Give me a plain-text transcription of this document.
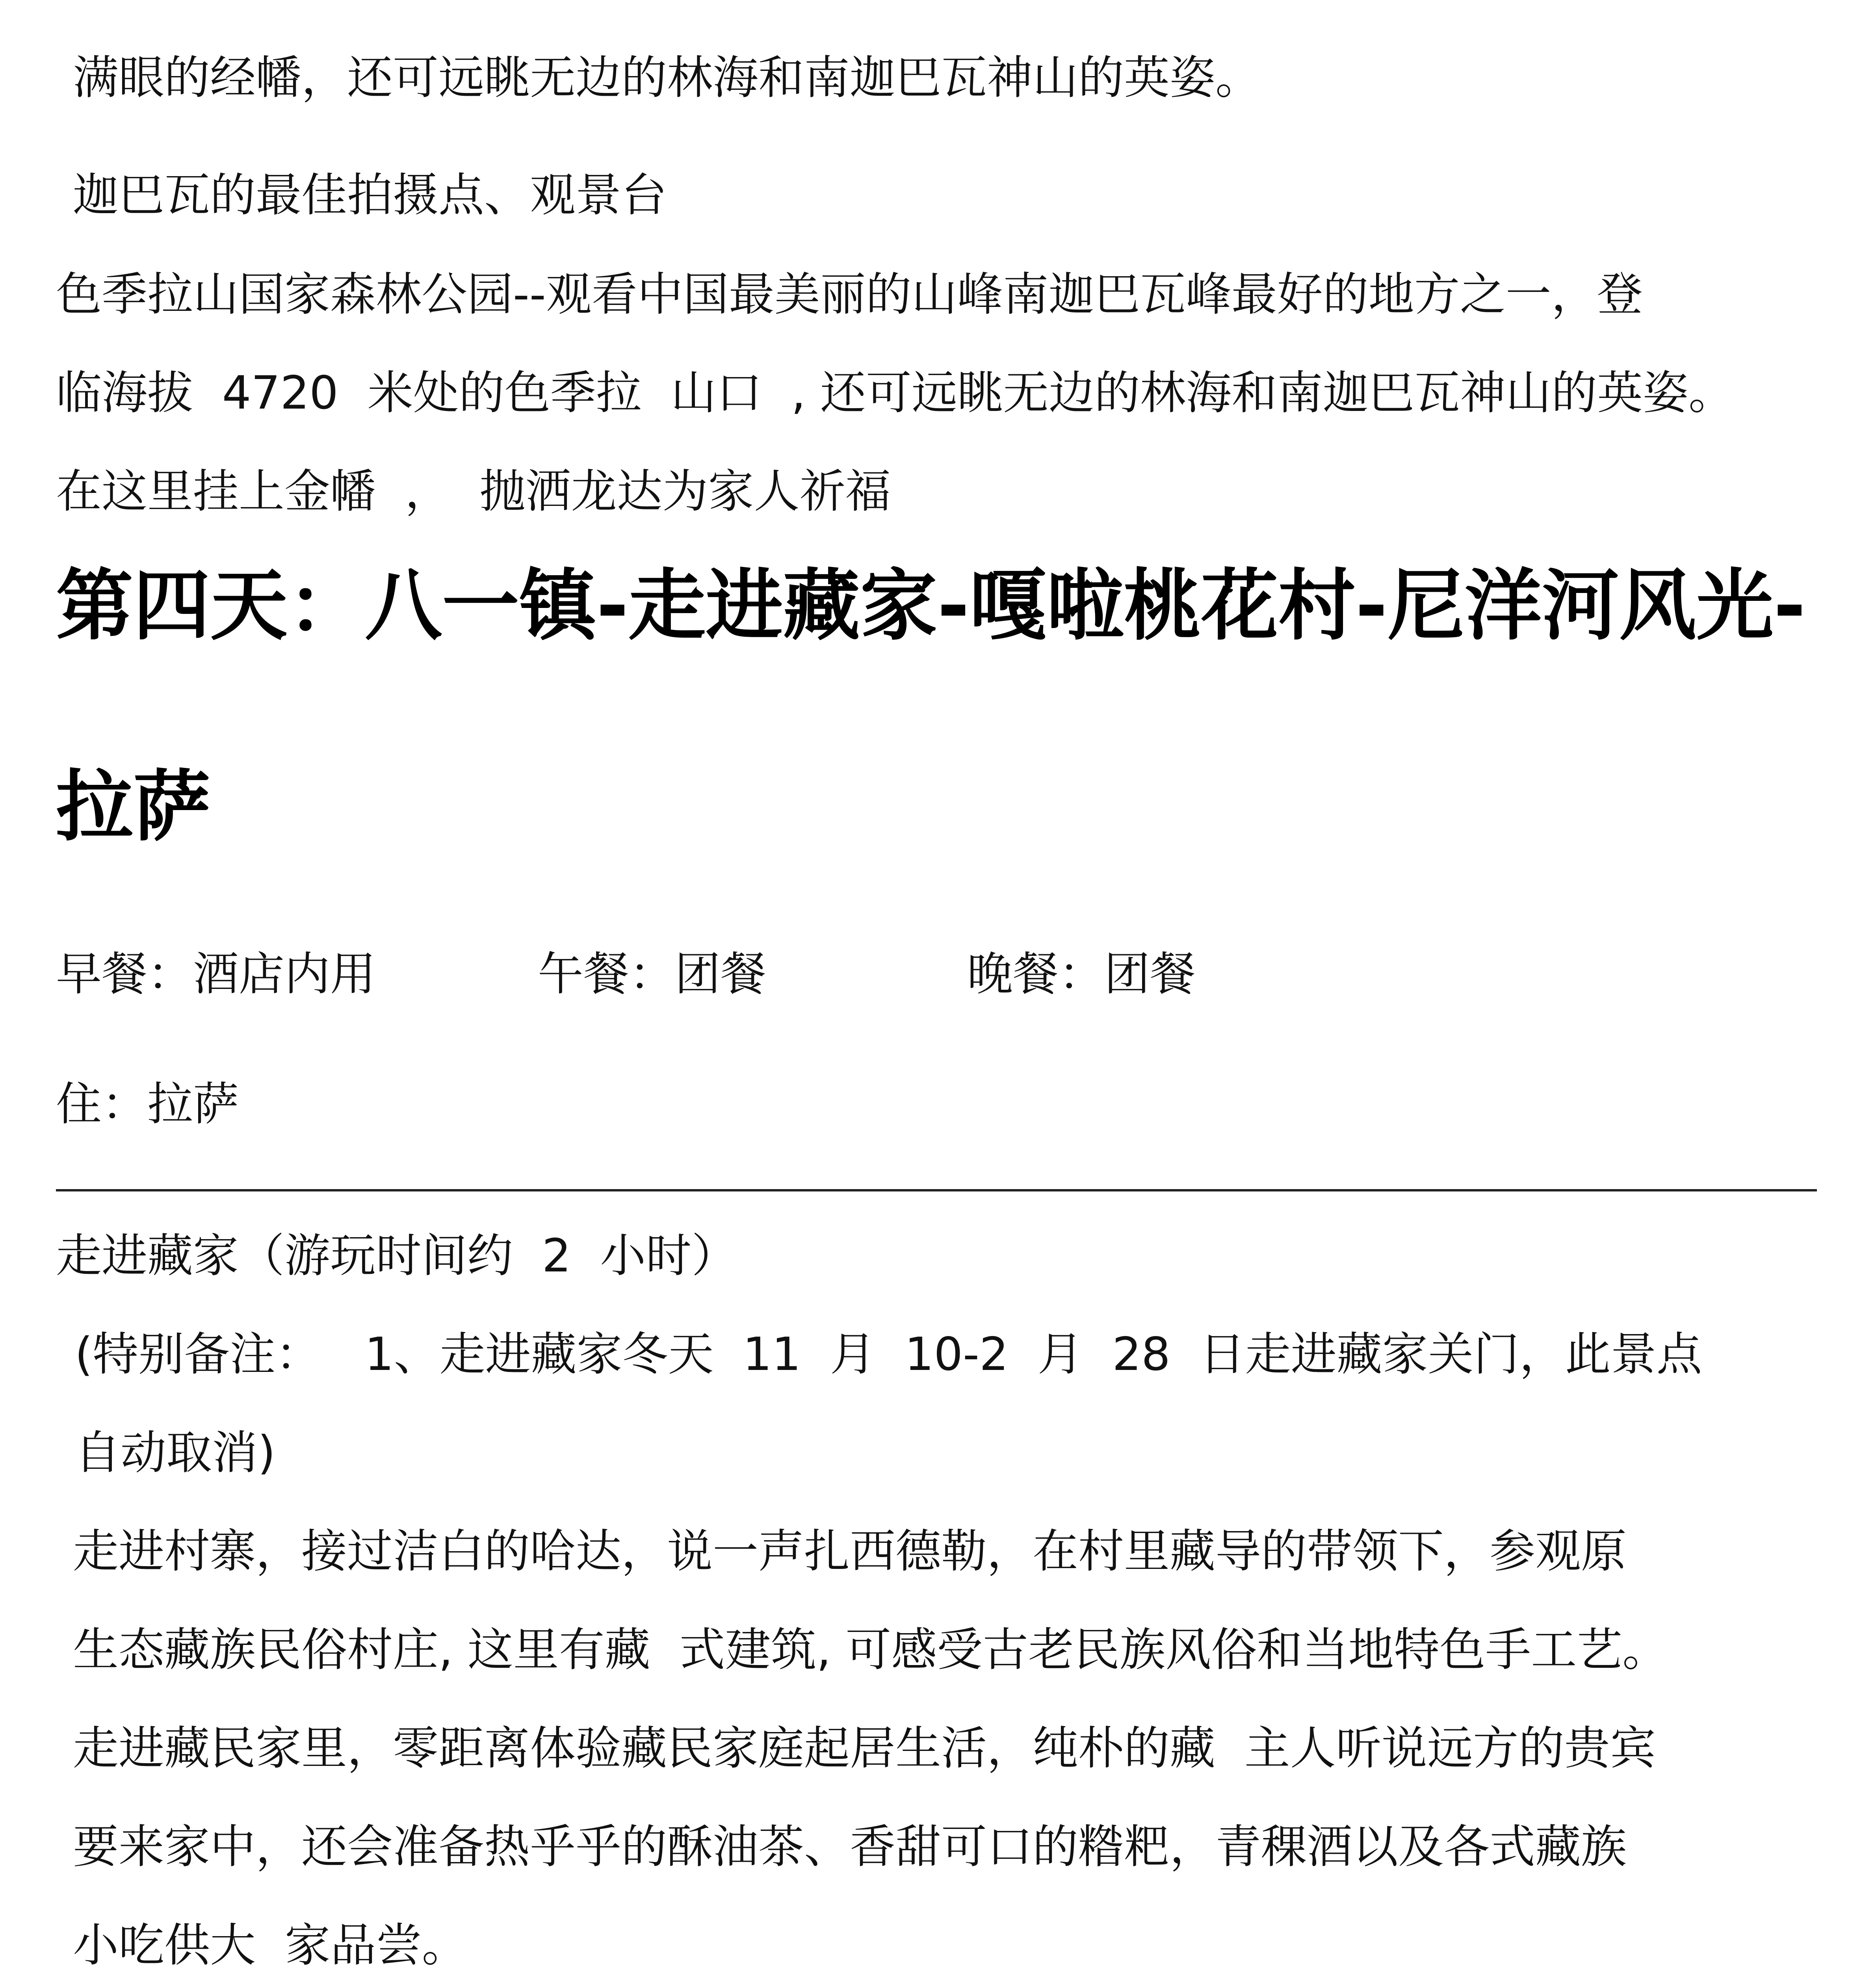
满眼的经幡，还可远眺无边的林海和南迦巴瓦神山的英姿。
迦巴瓦的最佳拍摄点、观景台
色季拉山国家森林公园--观看中国最美丽的山峰南迦巴瓦峰最好的地方之一，登
临海拔  4720  米处的色季拉  山口  , 还可远眺无边的林海和南迦巴瓦神山的英姿。
在这里挂上金幡  ，  抛洒龙达为家人祈福
第四天：八一镇-走进藏家-嘎啦桃花村-尼洋河风光-
拉萨
早餐：酒店内用	午餐：团餐	晚餐：团餐
住：拉萨
走进藏家（游玩时间约  2  小时）
(特别备注：   1、走进藏家冬天  11  月  10-2  月  28  日走进藏家关门，此景点
自动取消)
走进村寨，接过洁白的哈达，说一声扎西德勒，在村里藏导的带领下，参观原
生态藏族民俗村庄, 这里有藏  式建筑, 可感受古老民族风俗和当地特色手工艺。
走进藏民家里，零距离体验藏民家庭起居生活，纯朴的藏  主人听说远方的贵宾
要来家中，还会准备热乎乎的酥油茶、香甜可口的糌粑，青稞酒以及各式藏族
小吃供大  家品尝。
